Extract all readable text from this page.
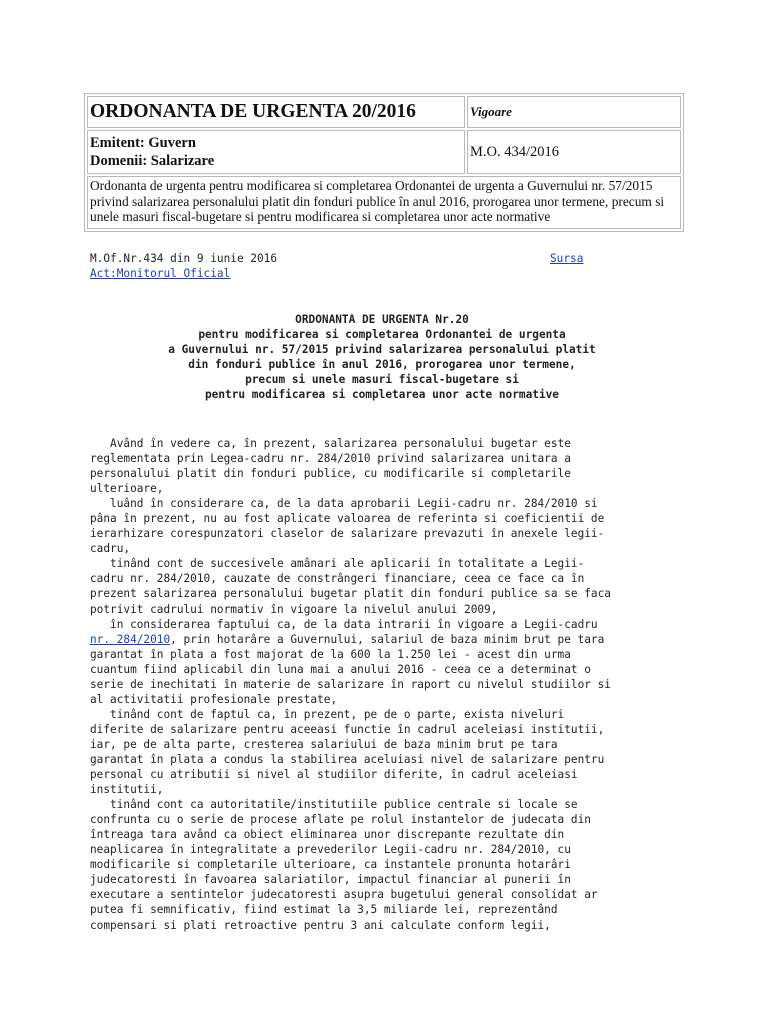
ORDONANTA DE URGENTA 20/2016	Vigoare

Emitent: Guvern
Domenii: Salarizare	M.O. 434/2016
Ordonanta de urgenta pentru modificarea si completarea Ordonantei de urgenta a Guvernului nr. 57/2015 privind salarizarea personalului platit din fonduri publice în anul 2016, prorogarea unor termene, precum si unele masuri fiscal-bugetare si pentru modificarea si completarea unor acte normative	
M.Of.Nr.434 din 9 iunie 2016	Sursa
Act:Monitorul Oficial
ORDONANTA DE URGENTA Nr.20
pentru modificarea si completarea Ordonantei de urgenta
a Guvernului nr. 57/2015 privind salarizarea personalului platit
din fonduri publice în anul 2016, prorogarea unor termene,
precum si unele masuri fiscal-bugetare si
pentru modificarea si completarea unor acte normative
Având în vedere ca, în prezent, salarizarea personalului bugetar este
reglementata prin Legea-cadru nr. 284/2010 privind salarizarea unitara a
personalului platit din fonduri publice, cu modificarile si completarile
ulterioare,
luând în considerare ca, de la data aprobarii Legii-cadru nr. 284/2010 si
pâna în prezent, nu au fost aplicate valoarea de referinta si coeficientii de
ierarhizare corespunzatori claselor de salarizare prevazuti în anexele legii-
cadru,
tinând cont de succesivele amânari ale aplicarii în totalitate a Legii-
cadru nr. 284/2010, cauzate de constrângeri financiare, ceea ce face ca în
prezent salarizarea personalului bugetar platit din fonduri publice sa se faca
potrivit cadrului normativ în vigoare la nivelul anului 2009,
în considerarea faptului ca, de la data intrarii în vigoare a Legii-cadru
nr. 284/2010, prin hotarâre a Guvernului, salariul de baza minim brut pe tara
garantat în plata a fost majorat de la 600 la 1.250 lei - acest din urma
cuantum fiind aplicabil din luna mai a anului 2016 - ceea ce a determinat o
serie de inechitati în materie de salarizare în raport cu nivelul studiilor si
al activitatii profesionale prestate,
tinând cont de faptul ca, în prezent, pe de o parte, exista niveluri
diferite de salarizare pentru aceeasi functie în cadrul aceleiasi institutii,
iar, pe de alta parte, cresterea salariului de baza minim brut pe tara
garantat în plata a condus la stabilirea aceluiasi nivel de salarizare pentru
personal cu atributii si nivel al studiilor diferite, în cadrul aceleiasi
institutii,
tinând cont ca autoritatile/institutiile publice centrale si locale se
confrunta cu o serie de procese aflate pe rolul instantelor de judecata din
întreaga tara având ca obiect eliminarea unor discrepante rezultate din
neaplicarea în integralitate a prevederilor Legii-cadru nr. 284/2010, cu
modificarile si completarile ulterioare, ca instantele pronunta hotarâri
judecatoresti în favoarea salariatilor, impactul financiar al punerii în
executare a sentintelor judecatoresti asupra bugetului general consolidat ar
putea fi semnificativ, fiind estimat la 3,5 miliarde lei, reprezentând
compensari si plati retroactive pentru 3 ani calculate conform legii,
